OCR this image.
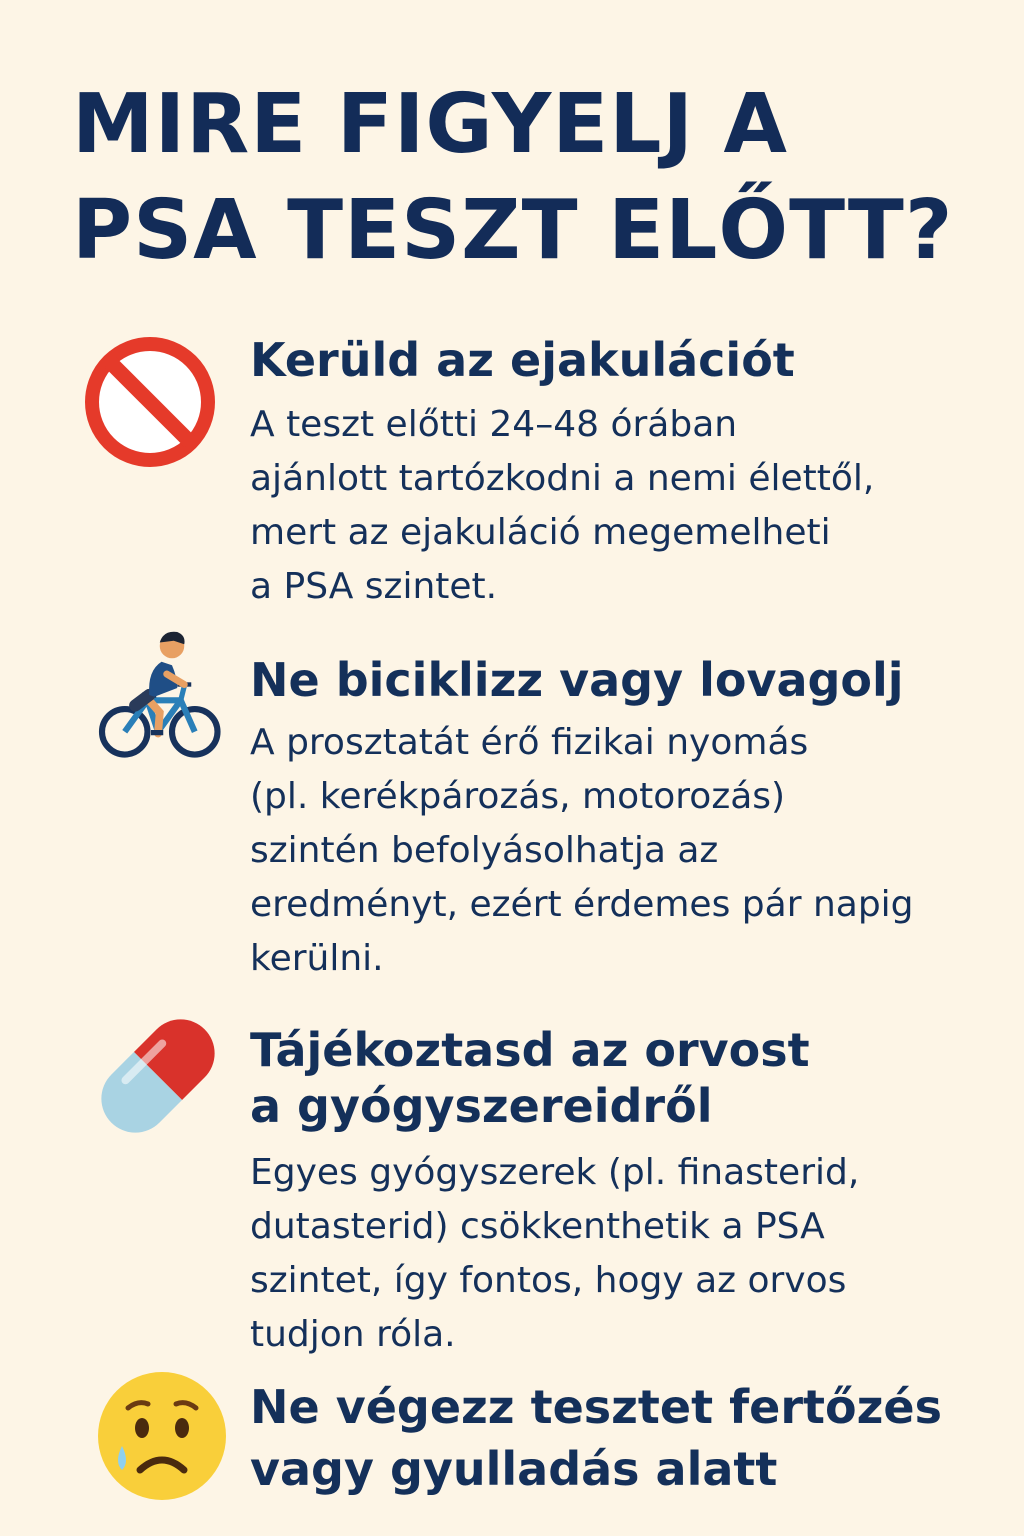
MIRE FIGYELJ A
PSA TESZT ELŐTT?
Kerüld az ejakulációt

A teszt előtti 24–48 órában
ajánlott tartózkodni a nemi élettől,
mert az ejakuláció megemelheti
a PSA szintet.

Ne biciklizz vagy lovagolj

A prosztatát érő fizikai nyomás
(pl. kerékpározás, motorozás)
szintén befolyásolhatja az
eredményt, ezért érdemes pár napig
kerülni.

Tájékoztasd az orvost
a gyógyszereidről

Egyes gyógyszerek (pl. finasterid,
dutasterid) csökkenthetik a PSA
szintet, így fontos, hogy az orvos
tudjon róla.

Ne végezz tesztet fertőzés
vagy gyulladás alatt
